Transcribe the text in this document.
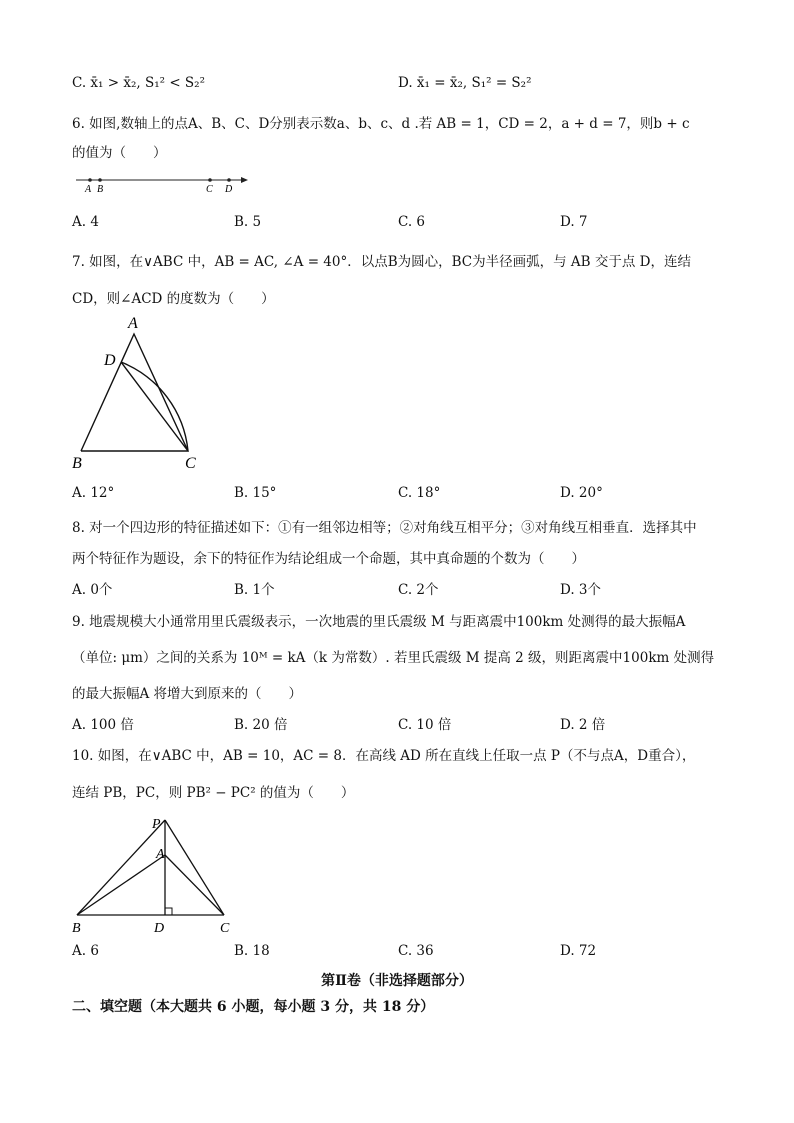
C. x̄₁ > x̄₂, S₁² < S₂²	D. x̄₁ = x̄₂, S₁² = S₂²
6. 如图,数轴上的点A、B、C、D分别表示数a、b、c、d .若 AB = 1，CD = 2，a + d = 7，则b + c
的值为（　　）
A B	C D
A. 4	B. 5	C. 6	D. 7
7. 如图，在∨ABC 中，AB = AC, ∠A = 40°．以点B为圆心，BC为半径画弧，与 AB 交于点 D，连结
CD，则∠ACD 的度数为（　　）
A
D
B	C
A. 12°	B. 15°	C. 18°	D. 20°
8. 对一个四边形的特征描述如下：①有一组邻边相等；②对角线互相平分；③对角线互相垂直．选择其中
两个特征作为题设，余下的特征作为结论组成一个命题，其中真命题的个数为（　　）
A. 0个	B. 1个	C. 2个	D. 3个
9. 地震规模大小通常用里氏震级表示，一次地震的里氏震级 M 与距离震中100km 处测得的最大振幅A
（单位: μm）之间的关系为 10ᴹ = kA（k 为常数）. 若里氏震级 M 提高 2 级，则距离震中100km 处测得
的最大振幅A 将增大到原来的（　　）
A. 100 倍	B. 20 倍	C. 10 倍	D. 2 倍
10. 如图，在∨ABC 中，AB = 10，AC = 8．在高线 AD 所在直线上任取一点 P（不与点A，D重合），
连结 PB，PC，则 PB² − PC² 的值为（　　）
P
A
B	D	C
A. 6	B. 18	C. 36	D. 72
第Ⅱ卷（非选择题部分）
二、填空题（本大题共 6 小题，每小题 3 分，共 18 分）
